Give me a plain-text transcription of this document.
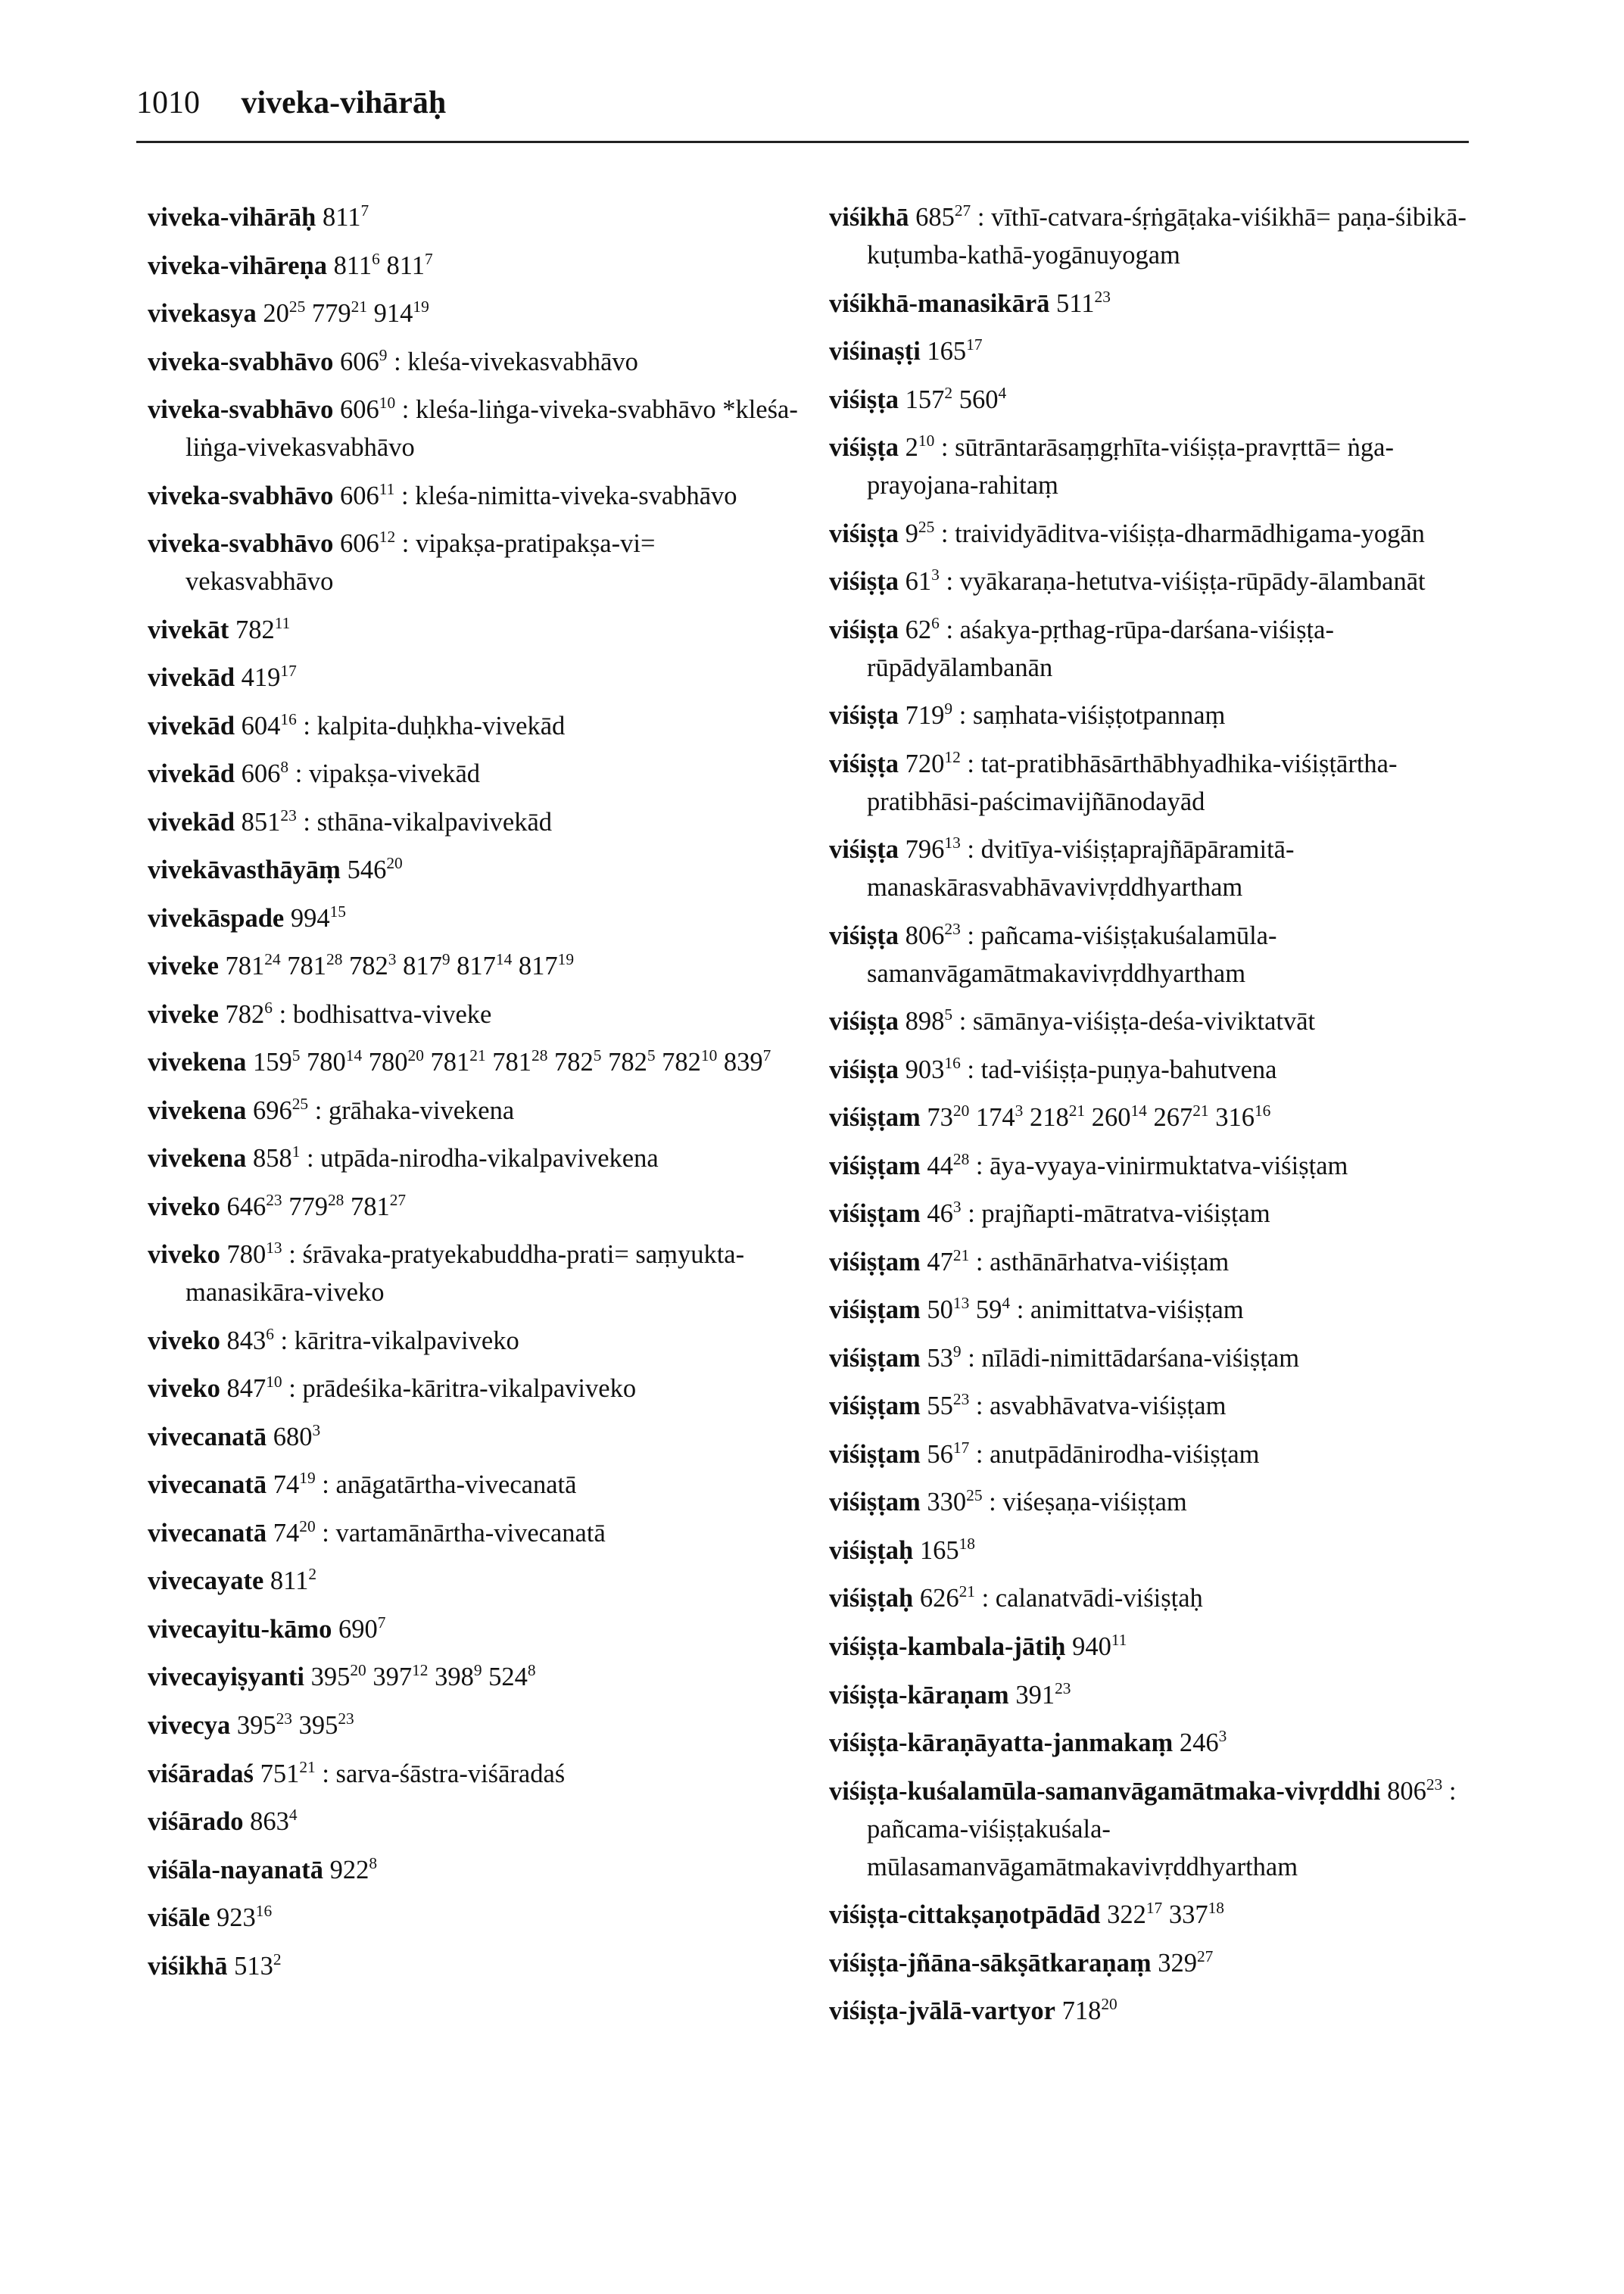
1010 viveka-vihārāḥ
viveka-vihārāḥ $811^7$
viveka-vihāreṇa $811^6$ $811^7$
vivekasya $20^{25}$ $779^{21}$ $914^{19}$
viveka-svabhāvo $606^9$ : kleśa-vivekasvabhāvo
viveka-svabhāvo $606^{10}$ : kleśa-liṅga-viveka-svabhāvo *kleśa-liṅga-vivekasvabhāvo
viveka-svabhāvo $606^{11}$ : kleśa-nimitta-viveka-svabhāvo
viveka-svabhāvo $606^{12}$ : vipakṣa-pratipakṣa-vi= vekasvabhāvo
vivekāt $782^{11}$
vivekād $419^{17}$
vivekād $604^{16}$ : kalpita-duḥkha-vivekād
vivekād $606^8$ : vipakṣa-vivekād
vivekād $851^{23}$ : sthāna-vikalpavivekād
vivekāvasthāyāṃ $546^{20}$
vivekāspade $994^{15}$
viveke $781^{24}$ $781^{28}$ $782^3$ $817^9$ $817^{14}$ $817^{19}$
viveke $782^6$ : bodhisattva-viveke
vivekena $159^5$ $780^{14}$ $780^{20}$ $781^{21}$ $781^{28}$ $782^5$ $782^5$ $782^{10}$ $839^7$
vivekena $696^{25}$ : grāhaka-vivekena
vivekena $858^1$ : utpāda-nirodha-vikalpavivekena
viveko $646^{23}$ $779^{28}$ $781^{27}$
viveko $780^{13}$ : śrāvaka-pratyekabuddha-prati= saṃyukta-manasikāra-viveko
viveko $843^6$ : kāritra-vikalpaviveko
viveko $847^{10}$ : prādeśika-kāritra-vikalpaviveko
vivecanatā $680^3$
vivecanatā $74^{19}$ : anāgatārtha-vivecanatā
vivecanatā $74^{20}$ : vartamānārtha-vivecanatā
vivecayate $811^2$
vivecayitu-kāmo $690^7$
vivecayiṣyanti $395^{20}$ $397^{12}$ $398^9$ $524^8$
vivecya $395^{23}$ $395^{23}$
viśāradaś $751^{21}$ : sarva-śāstra-viśāradaś
viśārado $863^4$
viśāla-nayanatā $922^8$
viśāle $923^{16}$
viśikhā $513^2$
viśikhā $685^{27}$ : vīthī-catvara-śṛṅgāṭaka-viśikhā= paṇa-śibikā-kuṭumba-kathā-yogānuyogam
viśikhā-manasikārā $511^{23}$
viśinaṣṭi $165^{17}$
viśiṣṭa $157^2$ $560^4$
viśiṣṭa $2^{10}$ : sūtrāntarāsaṃgṛhīta-viśiṣṭa-pravṛttā= ṅga-prayojana-rahitaṃ
viśiṣṭa $9^{25}$ : traividyāditva-viśiṣṭa-dharmādhigama-yogān
viśiṣṭa $61^3$ : vyākaraṇa-hetutva-viśiṣṭa-rūpādy-ālambanāt
viśiṣṭa $62^6$ : aśakya-pṛthag-rūpa-darśana-viśiṣṭa-rūpādyālambanān
viśiṣṭa $719^9$ : saṃhata-viśiṣṭotpannaṃ
viśiṣṭa $720^{12}$ : tat-pratibhāsārthābhyadhika-viśiṣṭārtha-pratibhāsi-paścimavijñānodayād
viśiṣṭa $796^{13}$ : dvitīya-viśiṣṭaprajñāpāramitā-manaskārasvabhāvavivṛddhyartham
viśiṣṭa $806^{23}$ : pañcama-viśiṣṭakuśalamūla-samanvāgamātmakavivṛddhyartham
viśiṣṭa $898^5$ : sāmānya-viśiṣṭa-deśa-viviktatvāt
viśiṣṭa $903^{16}$ : tad-viśiṣṭa-puṇya-bahutvena
viśiṣṭam $73^{20}$ $174^3$ $218^{21}$ $260^{14}$ $267^{21}$ $316^{16}$
viśiṣṭam $44^{28}$ : āya-vyaya-vinirmuktatva-viśiṣṭam
viśiṣṭam $46^3$ : prajñapti-mātratva-viśiṣṭam
viśiṣṭam $47^{21}$ : asthānārhatva-viśiṣṭam
viśiṣṭam $50^{13}$ $59^4$ : animittatva-viśiṣṭam
viśiṣṭam $53^9$ : nīlādi-nimittādarśana-viśiṣṭam
viśiṣṭam $55^{23}$ : asvabhāvatva-viśiṣṭam
viśiṣṭam $56^{17}$ : anutpādānirodha-viśiṣṭam
viśiṣṭam $330^{25}$ : viśeṣaṇa-viśiṣṭam
viśiṣṭaḥ $165^{18}$
viśiṣṭaḥ $626^{21}$ : calanatvādi-viśiṣṭaḥ
viśiṣṭa-kambala-jātiḥ $940^{11}$
viśiṣṭa-kāraṇam $391^{23}$
viśiṣṭa-kāraṇāyatta-janmakaṃ $246^3$
viśiṣṭa-kuśalamūla-samanvāgamātmaka-vivṛddhi $806^{23}$ : pañcama-viśiṣṭakuśala-mūlasamanvāgamātmakavivṛddhyartham
viśiṣṭa-cittakṣaṇotpādād $322^{17}$ $337^{18}$
viśiṣṭa-jñāna-sākṣātkaraṇaṃ $329^{27}$
viśiṣṭa-jvālā-vartyor $718^{20}$
